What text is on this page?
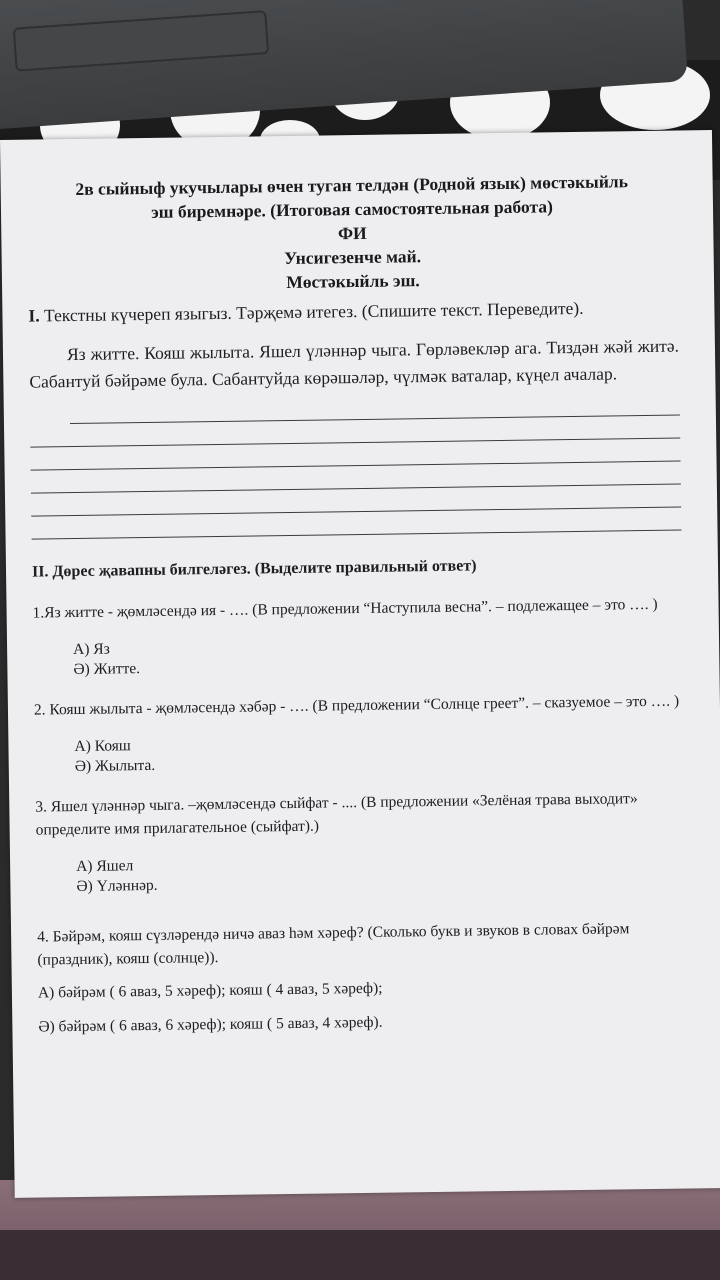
2в сыйныф укучылары өчен туган телдән (Родной язык) мөстәкыйль
эш биремнәре. (Итоговая самостоятельная работа)
ФИ
Унсигезенче май.
Мөстәкыйль эш.

I. Текстны күчереп языгыз. Тәрҗемә итегез. (Спишите текст. Переведите).

Яз житте. Кояш жылыта. Яшел үләннәр чыга. Гөрләвекләр ага. Тиздән жәй житә. Сабантуй бәйрәме була. Сабантуйда көрәшәләр, чүлмәк ваталар, күңел ачалар.

II. Дөрес җавапны билгеләгез. (Выделите правильный ответ)

1.Яз житте - җөмләсендә ия - …. (В предложении “Наступила весна”. – подлежащее – это …. )

А) Яз
Ә) Житте.

2. Кояш жылыта - җөмләсендә хәбәр - …. (В предложении “Солнце греет”. – сказуемое – это …. )

А) Кояш
Ә) Жылыта.

3. Яшел үләннәр чыга. –җөмләсендә сыйфат - .... (В предложении «Зелёная трава выходит» определите имя прилагательное (сыйфат).)

А) Яшел
Ә) Үләннәр.

4. Бәйрәм, кояш сүзләрендә ничә аваз һәм хәреф? (Сколько букв и звуков в словах бәйрәм (праздник), кояш (солнце)).

А) бәйрәм ( 6 аваз, 5 хәреф); кояш ( 4 аваз, 5 хәреф);
Ә) бәйрәм ( 6 аваз, 6 хәреф); кояш ( 5 аваз, 4 хәреф).
